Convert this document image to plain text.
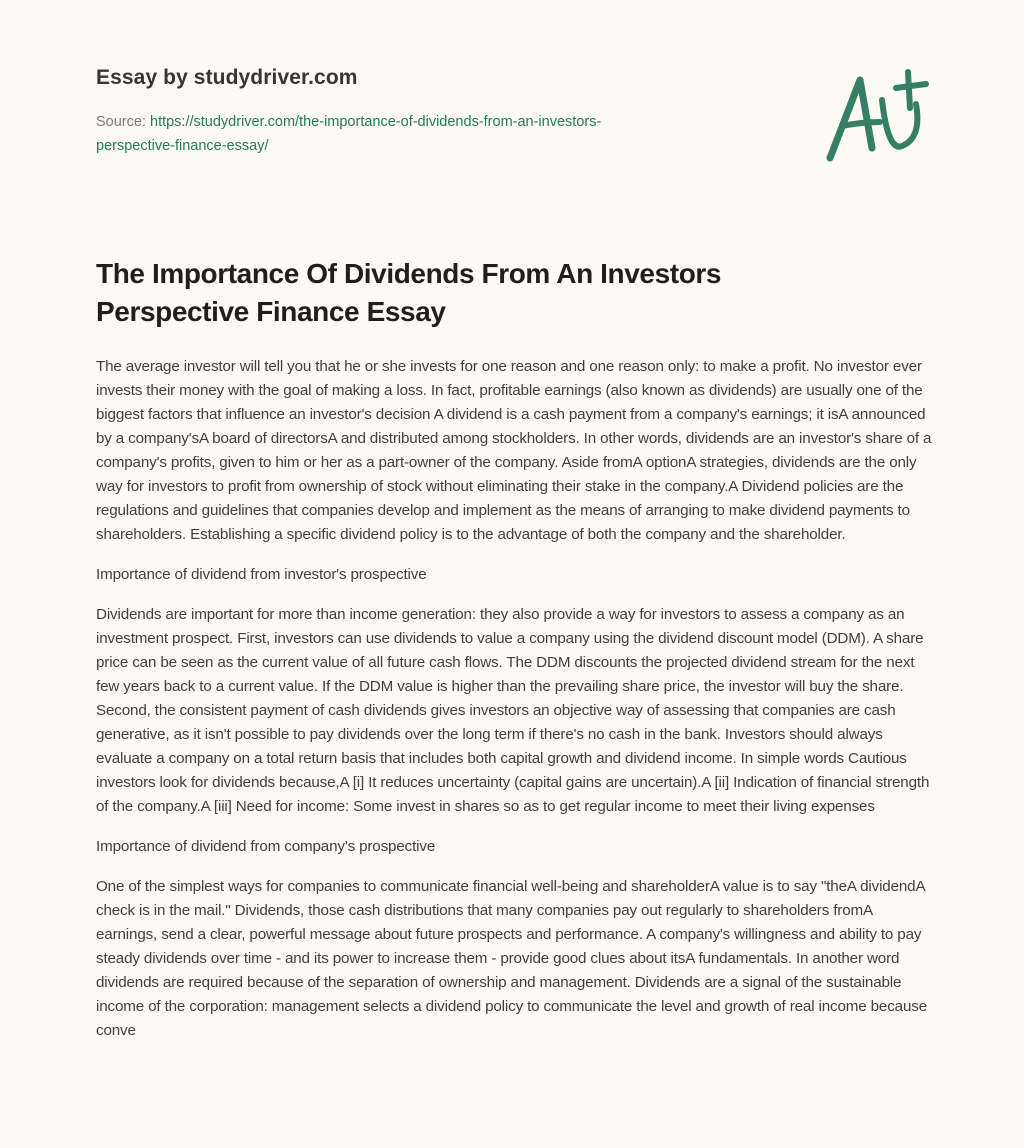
Essay by studydriver.com
Source: https://studydriver.com/the-importance-of-dividends-from-an-investors-
perspective-finance-essay/
The Importance Of Dividends From An Investors Perspective Finance Essay

The average investor will tell you that he or she invests for one reason and one reason only: to make a profit. No investor ever invests their money with the goal of making a loss. In fact, profitable earnings (also known as dividends) are usually one of the biggest factors that influence an investor's decision A dividend is a cash payment from a company's earnings; it isA announced by a company'sA board of directorsA and distributed among stockholders. In other words, dividends are an investor's share of a company's profits, given to him or her as a part-owner of the company. Aside fromA optionA strategies, dividends are the only way for investors to profit from ownership of stock without eliminating their stake in the company.A Dividend policies are the regulations and guidelines that companies develop and implement as the means of arranging to make dividend payments to shareholders. Establishing a specific dividend policy is to the advantage of both the company and the shareholder.

Importance of dividend from investor's prospective

Dividends are important for more than income generation: they also provide a way for investors to assess a company as an investment prospect. First, investors can use dividends to value a company using the dividend discount model (DDM). A share price can be seen as the current value of all future cash flows. The DDM discounts the projected dividend stream for the next few years back to a current value. If the DDM value is higher than the prevailing share price, the investor will buy the share. Second, the consistent payment of cash dividends gives investors an objective way of assessing that companies are cash generative, as it isn't possible to pay dividends over the long term if there's no cash in the bank. Investors should always evaluate a company on a total return basis that includes both capital growth and dividend income. In simple words Cautious investors look for dividends because,A [i] It reduces uncertainty (capital gains are uncertain).A [ii] Indication of financial strength of the company.A [iii] Need for income: Some invest in shares so as to get regular income to meet their living expenses

Importance of dividend from company's prospective

One of the simplest ways for companies to communicate financial well-being and shareholderA value is to say "theA dividendA check is in the mail." Dividends, those cash distributions that many companies pay out regularly to shareholders fromA earnings, send a clear, powerful message about future prospects and performance. A company's willingness and ability to pay steady dividends over time - and its power to increase them - provide good clues about itsA fundamentals. In another word dividends are required because of the separation of ownership and management. Dividends are a signal of the sustainable income of the corporation: management selects a dividend policy to communicate the level and growth of real income because conve
